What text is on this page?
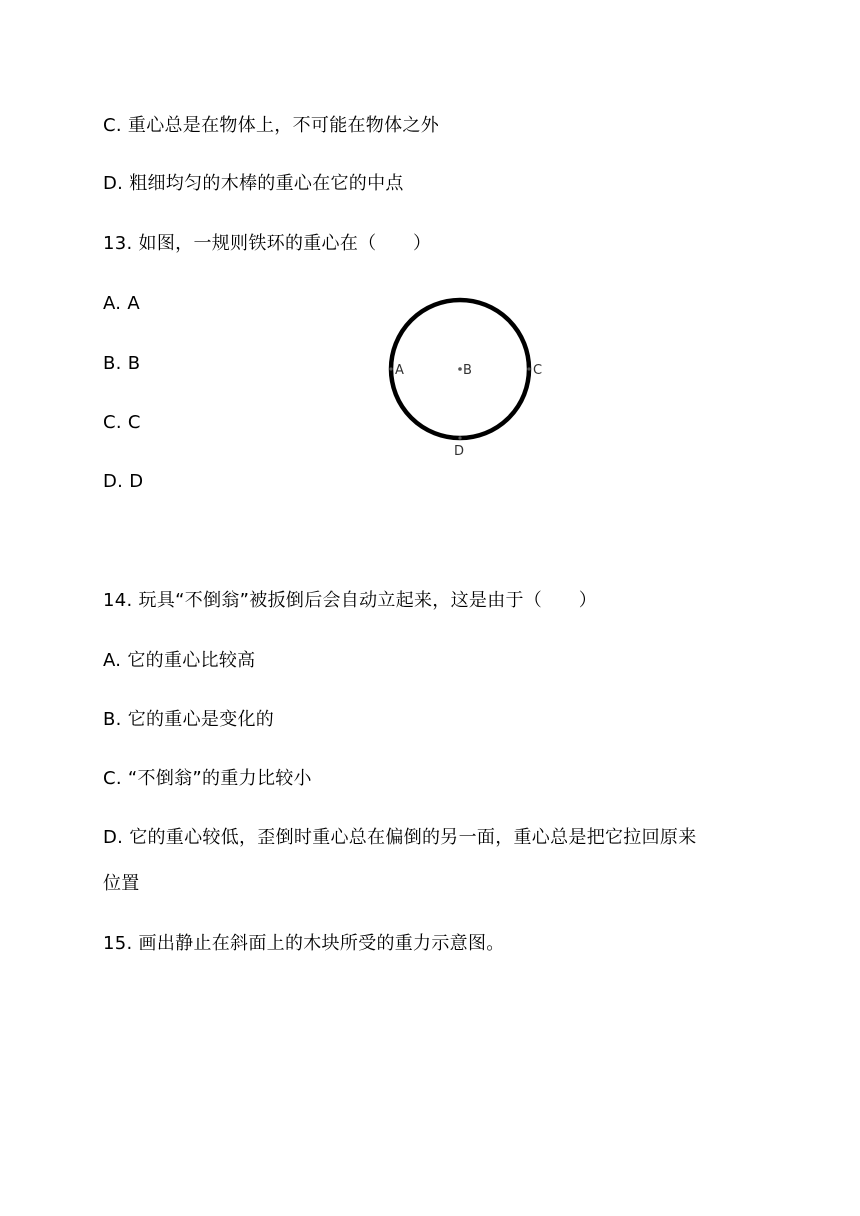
C. 重心总是在物体上，不可能在物体之外
D. 粗细均匀的木棒的重心在它的中点
13. 如图，一规则铁环的重心在（　　）
A. A
B. B
C. C
D. D
A	B	C
D
14. 玩具“不倒翁”被扳倒后会自动立起来，这是由于（　　）
A. 它的重心比较高
B. 它的重心是变化的
C. “不倒翁”的重力比较小
D. 它的重心较低，歪倒时重心总在偏倒的另一面，重心总是把它拉回原来
位置
15. 画出静止在斜面上的木块所受的重力示意图。
